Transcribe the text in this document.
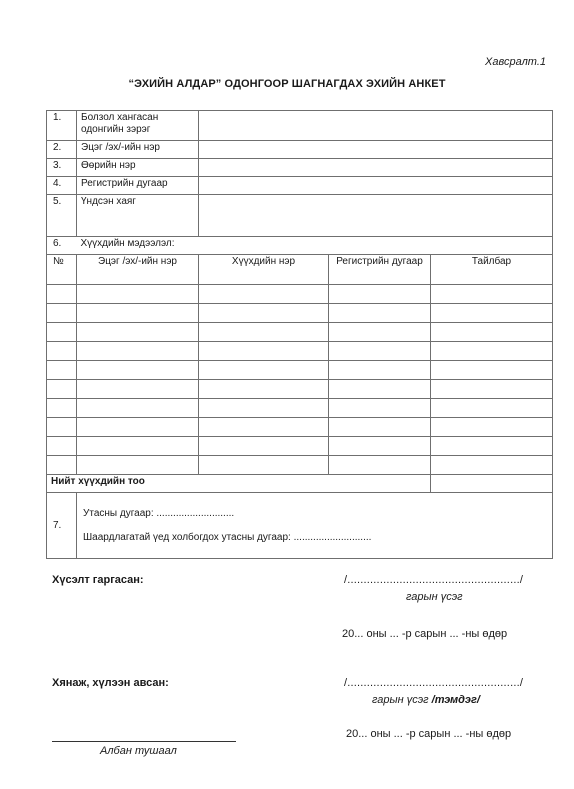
Хавсралт.1
“ЭХИЙН АЛДАР” ОДОНГООР ШАГНАГДАХ ЭХИЙН АНКЕТ
1.	Болзол хангасан одонгийн зэрэг			
2.	Эцэг /эх/-ийн нэр			
3.	Өөрийн нэр			
4.	Регистрийн дугаар			
5.	Үндсэн хаяг			
6.	Хүүхдийн мэдээлэл:			
№	Эцэг /эх/-ийн нэр	Хүүхдийн нэр	Регистрийн дугаар	Тайлбар

Нийт хүүхдийн тоо				
7.	Утасны дугаар: ............................
Шаардлагатай үед холбогдох утасны дугаар: ............................			
Хүсэлт гаргасан:	/...................................................../
гарын үсэг
20... оны ... -р сарын ... -ны өдөр
Хянаж, хүлээн авсан:	/...................................................../
гарын үсэг /тэмдэг/
20... оны ... -р сарын ... -ны өдөр
Албан тушаал
